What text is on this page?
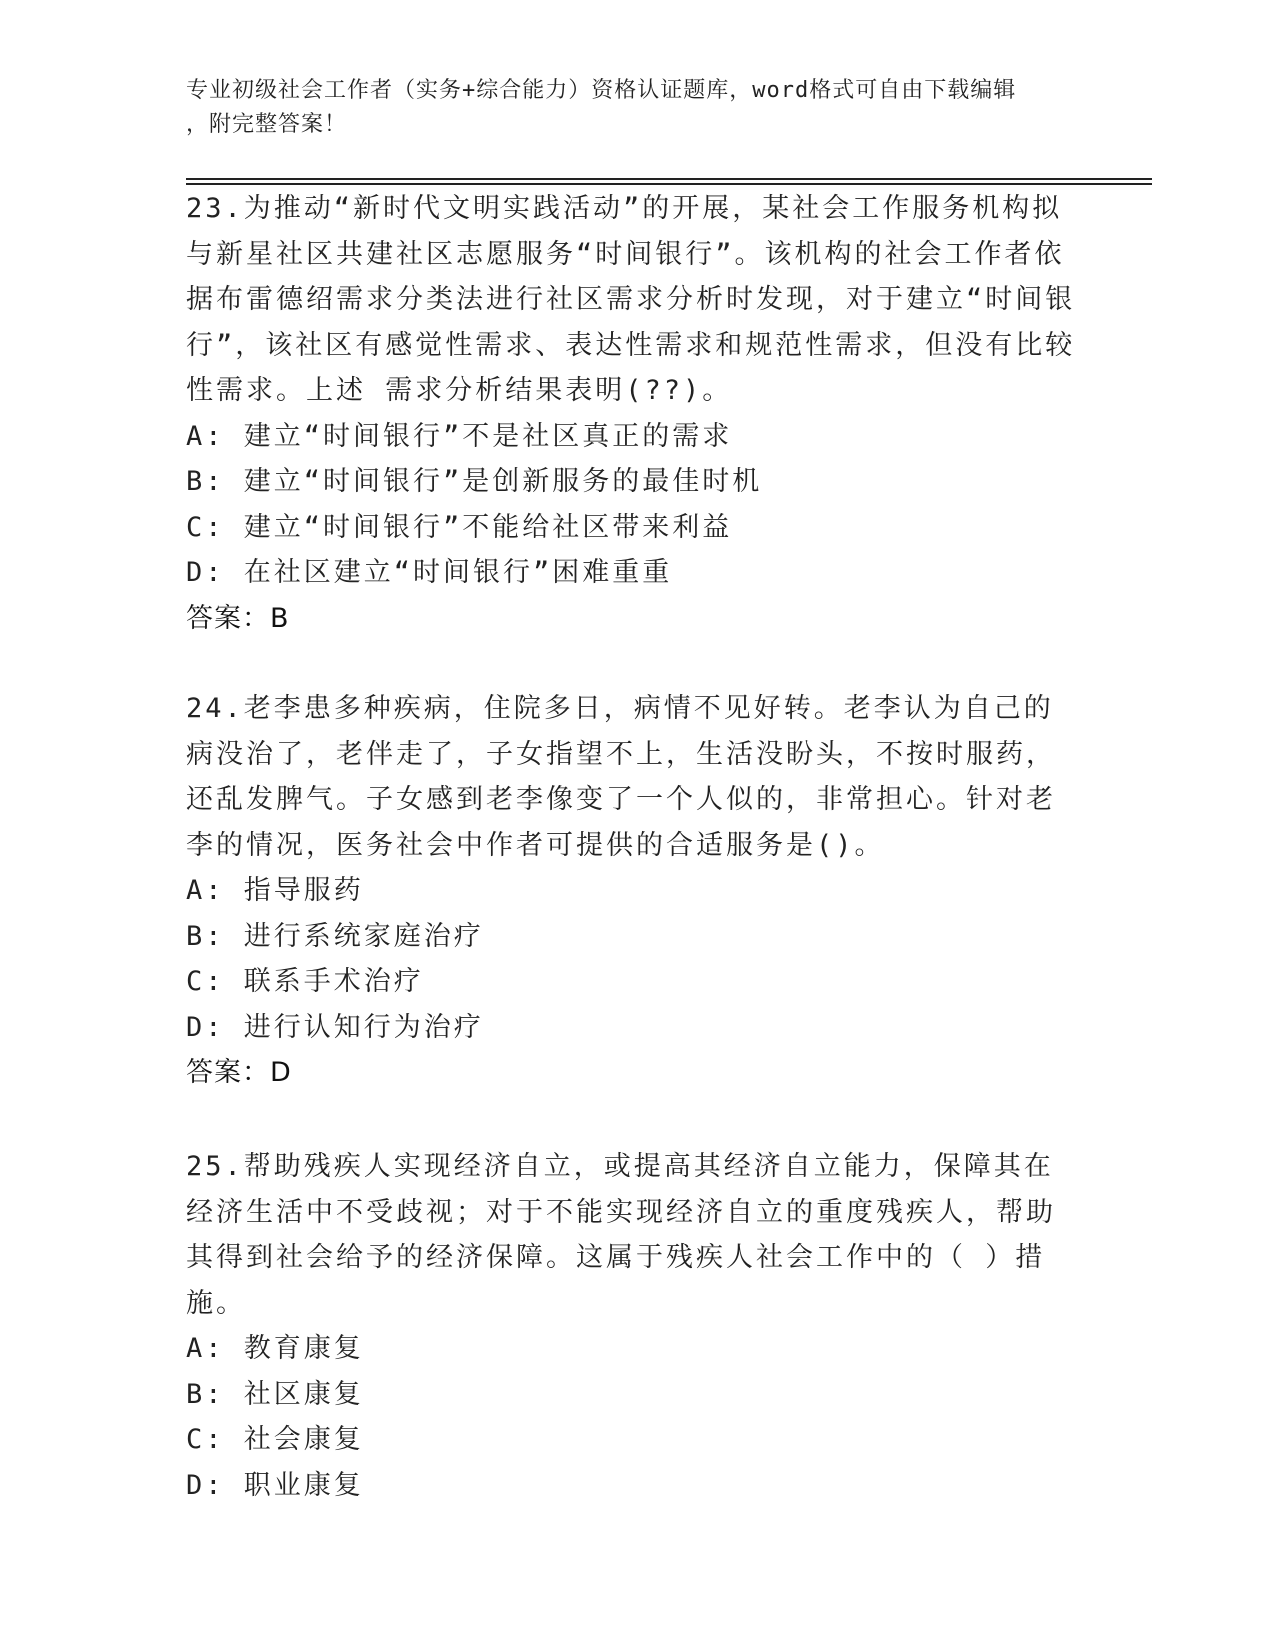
专业初级社会工作者（实务+综合能力）资格认证题库，word格式可自由下载编辑
，附完整答案！
23.为推动“新时代文明实践活动”的开展，某社会工作服务机构拟与新星社区共建社区志愿服务“时间银行”。该机构的社会工作者依据布雷德绍需求分类法进行社区需求分析时发现，对于建立“时间银行”，该社区有感觉性需求、表达性需求和规范性需求，但没有比较性需求。上述 需求分析结果表明(??)。
A: 建立“时间银行”不是社区真正的需求
B: 建立“时间银行”是创新服务的最佳时机
C: 建立“时间银行”不能给社区带来利益
D: 在社区建立“时间银行”困难重重
答案：B
24.老李患多种疾病，住院多日，病情不见好转。老李认为自己的病没治了，老伴走了，子女指望不上，生活没盼头，不按时服药，还乱发脾气。子女感到老李像变了一个人似的，非常担心。针对老李的情况，医务社会中作者可提供的合适服务是()。
A: 指导服药
B: 进行系统家庭治疗
C: 联系手术治疗
D: 进行认知行为治疗
答案：D
25.帮助残疾人实现经济自立，或提高其经济自立能力，保障其在经济生活中不受歧视；对于不能实现经济自立的重度残疾人，帮助其得到社会给予的经济保障。这属于残疾人社会工作中的（ ）措施。
A: 教育康复
B: 社区康复
C: 社会康复
D: 职业康复
